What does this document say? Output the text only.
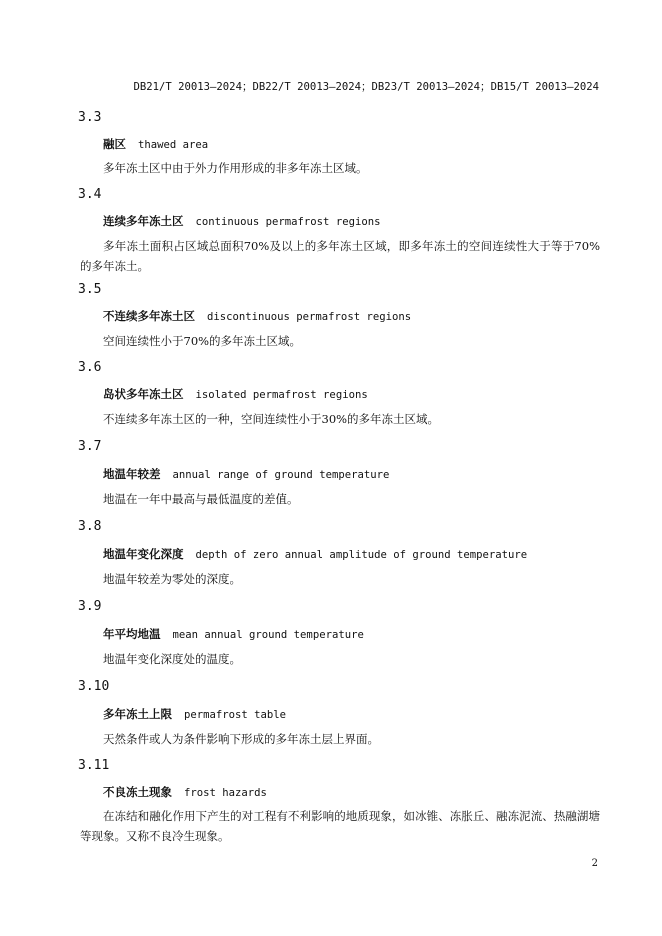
DB21/T 20013—2024；DB22/T 20013—2024；DB23/T 20013—2024；DB15/T 20013—2024
3.3
融区 thawed area
多年冻土区中由于外力作用形成的非多年冻土区域。
3.4
连续多年冻土区 continuous permafrost regions
多年冻土面积占区域总面积70%及以上的多年冻土区域，即多年冻土的空间连续性大于等于70%的多年冻土。
3.5
不连续多年冻土区 discontinuous permafrost regions
空间连续性小于70%的多年冻土区域。
3.6
岛状多年冻土区 isolated permafrost regions
不连续多年冻土区的一种，空间连续性小于30%的多年冻土区域。
3.7
地温年较差 annual range of ground temperature
地温在一年中最高与最低温度的差值。
3.8
地温年变化深度 depth of zero annual amplitude of ground temperature
地温年较差为零处的深度。
3.9
年平均地温 mean annual ground temperature
地温年变化深度处的温度。
3.10
多年冻土上限 permafrost table
天然条件或人为条件影响下形成的多年冻土层上界面。
3.11
不良冻土现象 frost hazards
在冻结和融化作用下产生的对工程有不利影响的地质现象，如冰锥、冻胀丘、融冻泥流、热融湖塘等现象。又称不良冷生现象。
2
